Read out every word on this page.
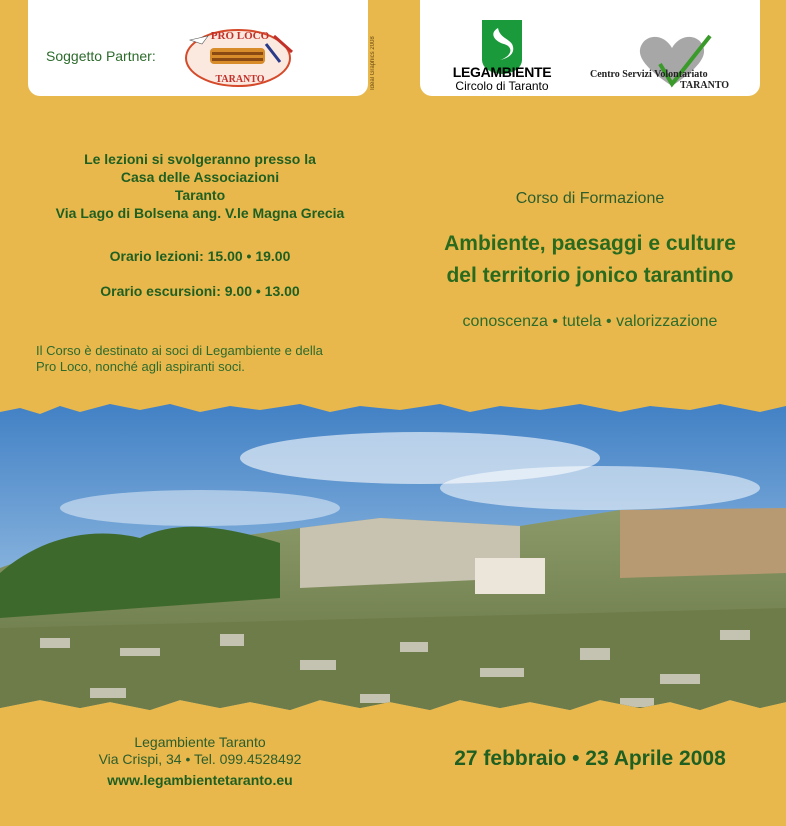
Soggetto Partner:
PRO LOCO
TARANTO	Ideal Graphics 2008	LEGAMBIENTE
Circolo di Taranto
Centro Servizi Volontariato
TARANTO
Le lezioni si svolgeranno presso la
Casa delle Associazioni
Taranto
Via Lago di Bolsena ang. V.le Magna Grecia
Orario lezioni: 15.00 • 19.00
Orario escursioni: 9.00 • 13.00
Il Corso è destinato ai soci di Legambiente e della
Pro Loco, nonché agli aspiranti soci.
Corso di Formazione
Ambiente, paesaggi e culture
del territorio jonico tarantino
conoscenza • tutela • valorizzazione
Legambiente Taranto
Via Crispi, 34 • Tel. 099.4528492
www.legambientetaranto.eu
27 febbraio • 23 Aprile 2008
